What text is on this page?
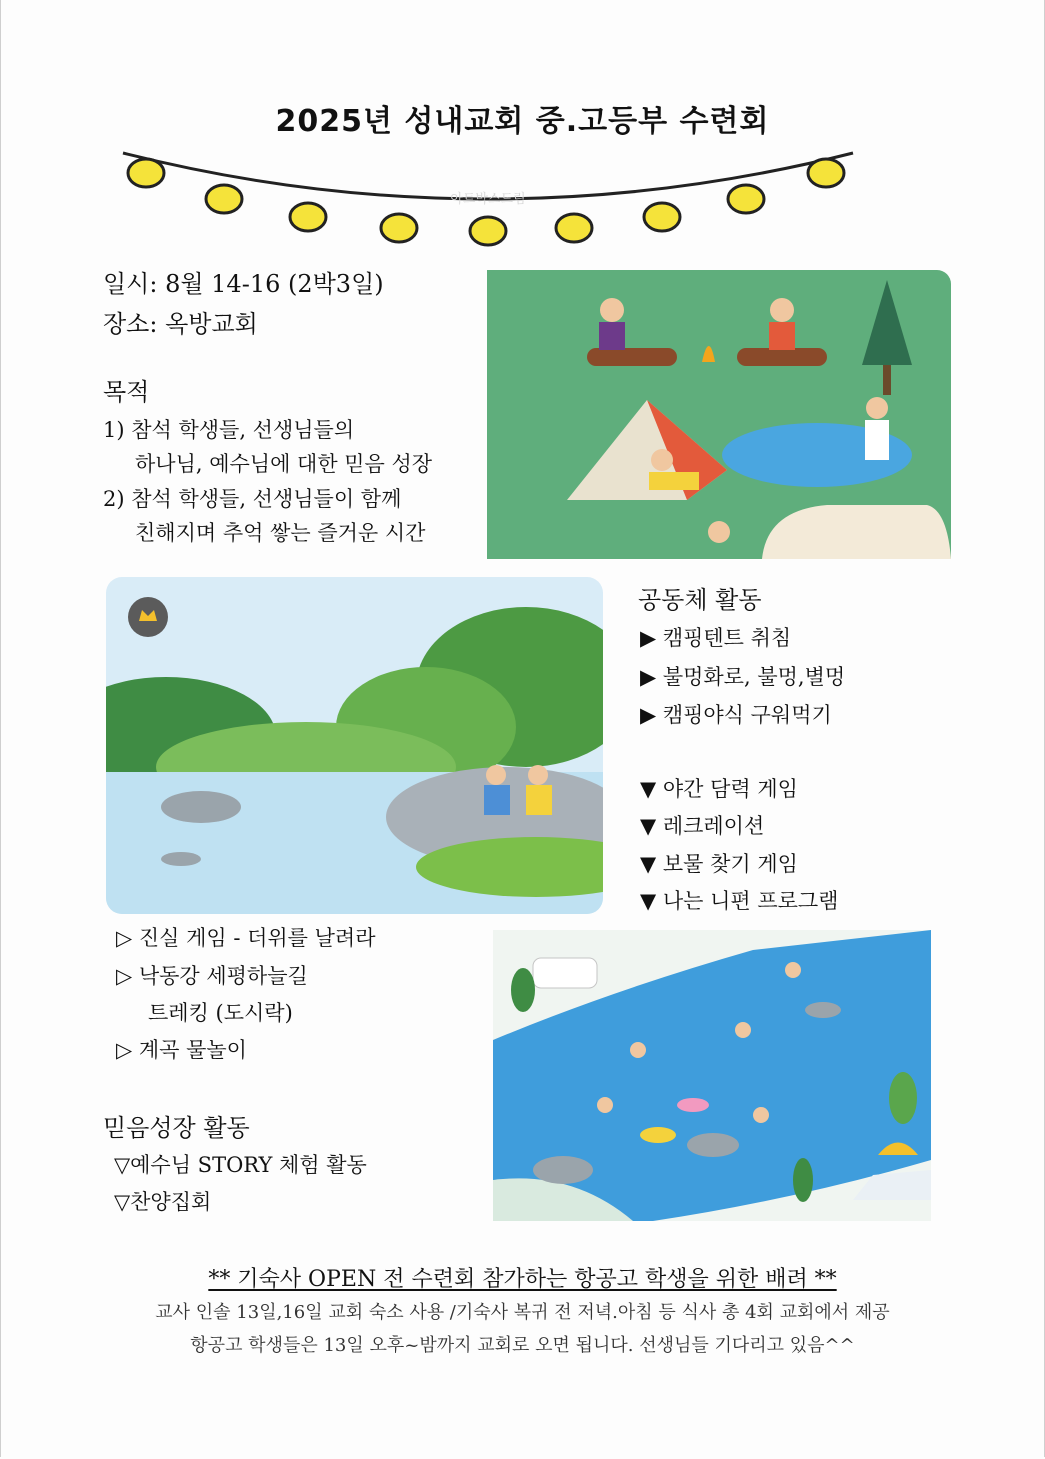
2025년 성내교회 중.고등부 수련회
아트박스드림
일시: 8월 14-16 (2박3일)
장소: 옥방교회
목적
1) 참석 학생들, 선생님들의
하나님, 예수님에 대한 믿음 성장
2) 참석 학생들, 선생님들이 함께
친해지며 추억 쌓는 즐거운 시간
공동체 활동
▶ 캠핑텐트 취침
▶ 불멍화로, 불멍,별멍
▶ 캠핑야식 구워먹기
▼ 야간 담력 게임
▼ 레크레이션
▼ 보물 찾기 게임
▼ 나는 니편 프로그램
▷ 진실 게임 - 더위를 날려라
▷ 낙동강 세평하늘길
트레킹 (도시락)
▷ 계곡 물놀이
믿음성장 활동
▽예수님 STORY 체험 활동
▽찬양집회
** 기숙사 OPEN 전 수련회 참가하는 항공고 학생을 위한 배려 **
교사 인솔 13일,16일 교회 숙소 사용 /기숙사 복귀 전 저녁.아침 등 식사 총 4회 교회에서 제공
항공고 학생들은 13일 오후~밤까지 교회로 오면 됩니다. 선생님들 기다리고 있음^^
